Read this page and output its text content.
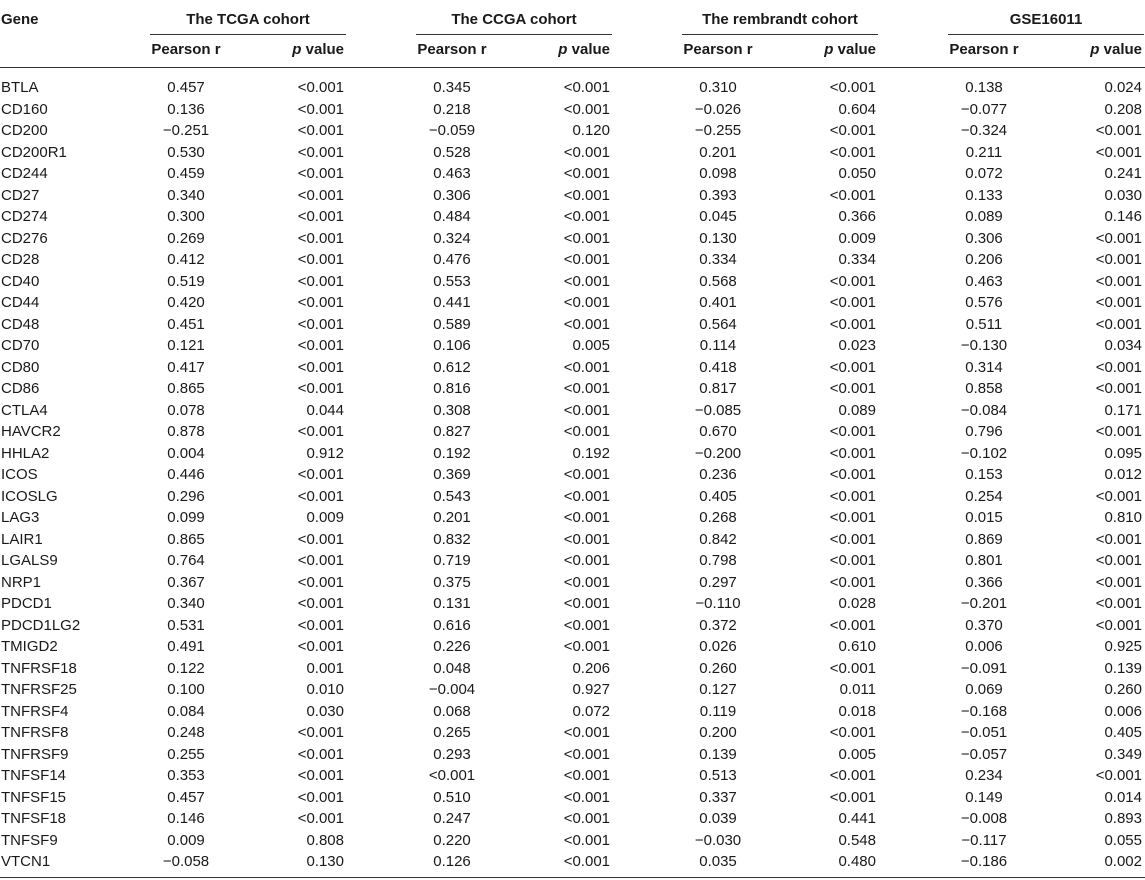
Gene	The TCGA cohort	The CCGA cohort	The rembrandt cohort	GSE16011
Pearson r	p value	Pearson r	p value	Pearson r	p value	Pearson r	p value
BTLA	0.457	<0.001	0.345	<0.001	0.310	<0.001	0.138	0.024
CD160	0.136	<0.001	0.218	<0.001	−0.026	0.604	−0.077	0.208
CD200	−0.251	<0.001	−0.059	0.120	−0.255	<0.001	−0.324	<0.001
CD200R1	0.530	<0.001	0.528	<0.001	0.201	<0.001	0.211	<0.001
CD244	0.459	<0.001	0.463	<0.001	0.098	0.050	0.072	0.241
CD27	0.340	<0.001	0.306	<0.001	0.393	<0.001	0.133	0.030
CD274	0.300	<0.001	0.484	<0.001	0.045	0.366	0.089	0.146
CD276	0.269	<0.001	0.324	<0.001	0.130	0.009	0.306	<0.001
CD28	0.412	<0.001	0.476	<0.001	0.334	0.334	0.206	<0.001
CD40	0.519	<0.001	0.553	<0.001	0.568	<0.001	0.463	<0.001
CD44	0.420	<0.001	0.441	<0.001	0.401	<0.001	0.576	<0.001
CD48	0.451	<0.001	0.589	<0.001	0.564	<0.001	0.511	<0.001
CD70	0.121	<0.001	0.106	0.005	0.114	0.023	−0.130	0.034
CD80	0.417	<0.001	0.612	<0.001	0.418	<0.001	0.314	<0.001
CD86	0.865	<0.001	0.816	<0.001	0.817	<0.001	0.858	<0.001
CTLA4	0.078	0.044	0.308	<0.001	−0.085	0.089	−0.084	0.171
HAVCR2	0.878	<0.001	0.827	<0.001	0.670	<0.001	0.796	<0.001
HHLA2	0.004	0.912	0.192	0.192	−0.200	<0.001	−0.102	0.095
ICOS	0.446	<0.001	0.369	<0.001	0.236	<0.001	0.153	0.012
ICOSLG	0.296	<0.001	0.543	<0.001	0.405	<0.001	0.254	<0.001
LAG3	0.099	0.009	0.201	<0.001	0.268	<0.001	0.015	0.810
LAIR1	0.865	<0.001	0.832	<0.001	0.842	<0.001	0.869	<0.001
LGALS9	0.764	<0.001	0.719	<0.001	0.798	<0.001	0.801	<0.001
NRP1	0.367	<0.001	0.375	<0.001	0.297	<0.001	0.366	<0.001
PDCD1	0.340	<0.001	0.131	<0.001	−0.110	0.028	−0.201	<0.001
PDCD1LG2	0.531	<0.001	0.616	<0.001	0.372	<0.001	0.370	<0.001
TMIGD2	0.491	<0.001	0.226	<0.001	0.026	0.610	0.006	0.925
TNFRSF18	0.122	0.001	0.048	0.206	0.260	<0.001	−0.091	0.139
TNFRSF25	0.100	0.010	−0.004	0.927	0.127	0.011	0.069	0.260
TNFRSF4	0.084	0.030	0.068	0.072	0.119	0.018	−0.168	0.006
TNFRSF8	0.248	<0.001	0.265	<0.001	0.200	<0.001	−0.051	0.405
TNFRSF9	0.255	<0.001	0.293	<0.001	0.139	0.005	−0.057	0.349
TNFSF14	0.353	<0.001	<0.001	<0.001	0.513	<0.001	0.234	<0.001
TNFSF15	0.457	<0.001	0.510	<0.001	0.337	<0.001	0.149	0.014
TNFSF18	0.146	<0.001	0.247	<0.001	0.039	0.441	−0.008	0.893
TNFSF9	0.009	0.808	0.220	<0.001	−0.030	0.548	−0.117	0.055
VTCN1	−0.058	0.130	0.126	<0.001	0.035	0.480	−0.186	0.002
